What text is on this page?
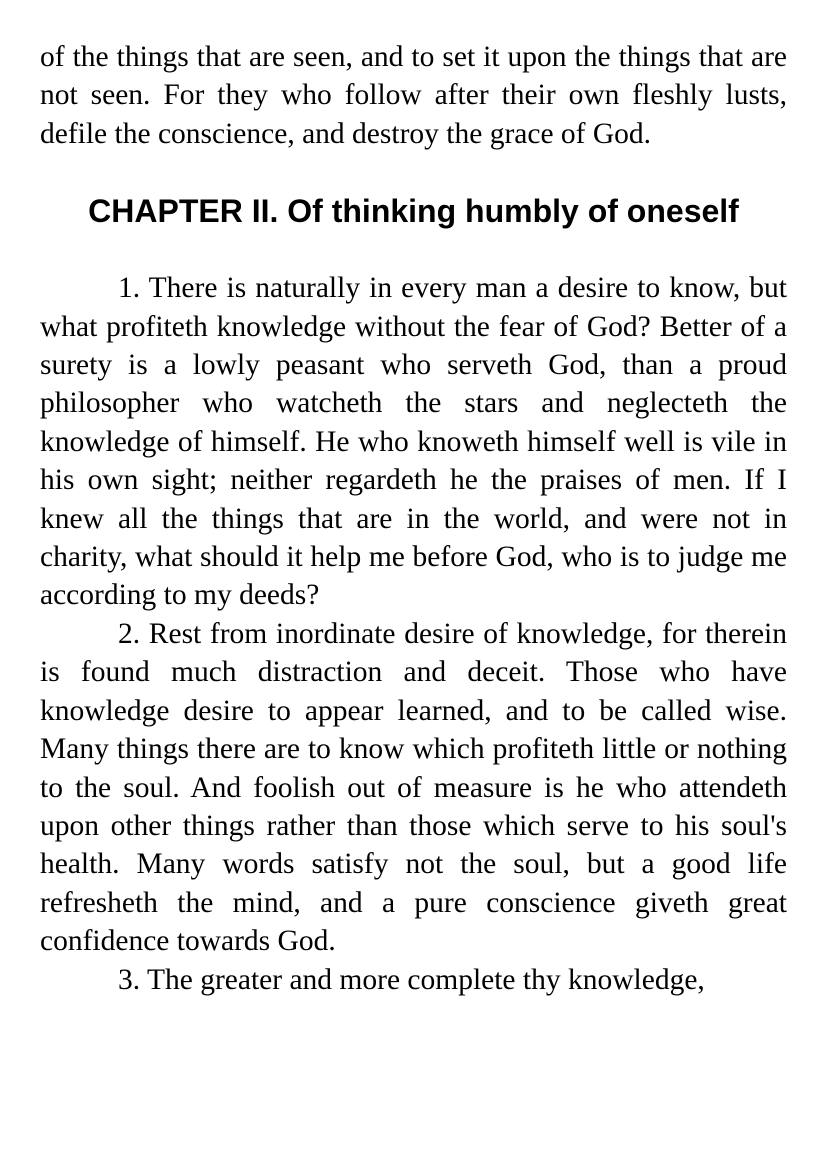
of the things that are seen, and to set it upon the things that are not seen. For they who follow after their own fleshly lusts, defile the conscience, and destroy the grace of God.

CHAPTER II. Of thinking humbly of oneself

1. There is naturally in every man a desire to know, but what profiteth knowledge without the fear of God? Better of a surety is a lowly peasant who serveth God, than a proud philosopher who watcheth the stars and neglecteth the knowledge of himself. He who knoweth himself well is vile in his own sight; neither regardeth he the praises of men. If I knew all the things that are in the world, and were not in charity, what should it help me before God, who is to judge me according to my deeds?

2. Rest from inordinate desire of knowledge, for therein is found much distraction and deceit. Those who have knowledge desire to appear learned, and to be called wise. Many things there are to know which profiteth little or nothing to the soul. And foolish out of measure is he who attendeth upon other things rather than those which serve to his soul's health. Many words satisfy not the soul, but a good life refresheth the mind, and a pure conscience giveth great confidence towards God.

3. The greater and more complete thy knowledge,
